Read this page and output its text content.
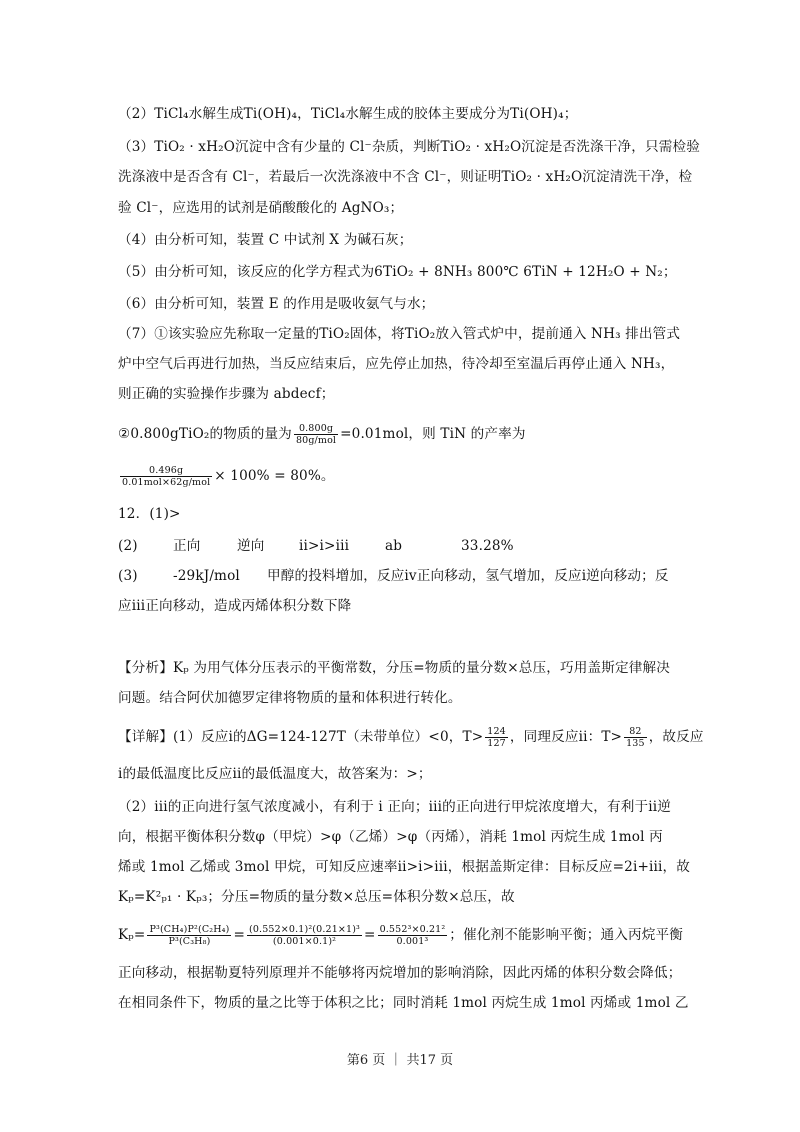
（2）TiCl₄水解生成Ti(OH)₄，TiCl₄水解生成的胶体主要成分为Ti(OH)₄；
（3）TiO₂ · xH₂O沉淀中含有少量的 Cl⁻杂质，判断TiO₂ · xH₂O沉淀是否洗涤干净，只需检验
洗涤液中是否含有 Cl⁻，若最后一次洗涤液中不含 Cl⁻，则证明TiO₂ · xH₂O沉淀清洗干净，检
验 Cl⁻，应选用的试剂是硝酸酸化的 AgNO₃；
（4）由分析可知，装置 C 中试剂 X 为碱石灰；
（5）由分析可知，该反应的化学方程式为6TiO₂ + 8NH₃ 800℃ 6TiN + 12H₂O + N₂；
（6）由分析可知，装置 E 的作用是吸收氨气与水；
（7）①该实验应先称取一定量的TiO₂固体，将TiO₂放入管式炉中，提前通入 NH₃ 排出管式
炉中空气后再进行加热，当反应结束后，应先停止加热，待冷却至室温后再停止通入 NH₃，
则正确的实验操作步骤为 abdecf；
②0.800gTiO₂的物质的量为 $\frac{0.800g}{\text{80g/mol}} =0.01mol$，则 TiN 的产率为
$\frac{0.496g}{\text{0.01mol×62g/mol}} \times 100\% = 80\%$。
12．(1)>
(2)	正向	逆向	ii>i>iii	ab	33.28%
(3)	-29kJ/mol 甲醇的投料增加，反应iv正向移动，氢气增加，反应i逆向移动；反
应iii正向移动，造成丙烯体积分数下降
【分析】Kₚ 为用气体分压表示的平衡常数，分压=物质的量分数×总压，巧用盖斯定律解决
问题。结合阿伏加德罗定律将物质的量和体积进行转化。
【详解】(1）反应i的ΔG=124-127T（未带单位）<0，$T> \frac{124}{127}$ ，同理反应ii：$T> \frac{82}{135}$ ，故反应
i的最低温度比反应ii的最低温度大，故答案为：>；
（2）iii的正向进行氢气浓度减小，有利于 i 正向；iii的正向进行甲烷浓度增大，有利于ii逆
向，根据平衡体积分数φ（甲烷）>φ（乙烯）>φ（丙烯），消耗 1mol 丙烷生成 1mol 丙
烯或 1mol 乙烯或 3mol 甲烷，可知反应速率ii>i>iii，根据盖斯定律：目标反应=2i+iii，故
Kₚ=K²ₚ₁ · Kₚ₃；分压=物质的量分数×总压=体积分数×总压，故
$K_p= \frac{\text{P³(CH₄)P²(C₂H₄)}}{\text{P³(C₃H₈)}} = \frac{\text{(0.552×0.1)²(0.21×1)³}}{\text{(0.001×0.1)²}} = \frac{\text{0.552³×0.21²}}{\text{0.001³}}$ ；催化剂不能影响平衡；通入丙烷平衡
正向移动，根据勒夏特列原理并不能够将丙烷增加的影响消除，因此丙烯的体积分数会降低；
在相同条件下，物质的量之比等于体积之比；同时消耗 1mol 丙烷生成 1mol 丙烯或 1mol 乙
第6 页 ｜ 共17 页
